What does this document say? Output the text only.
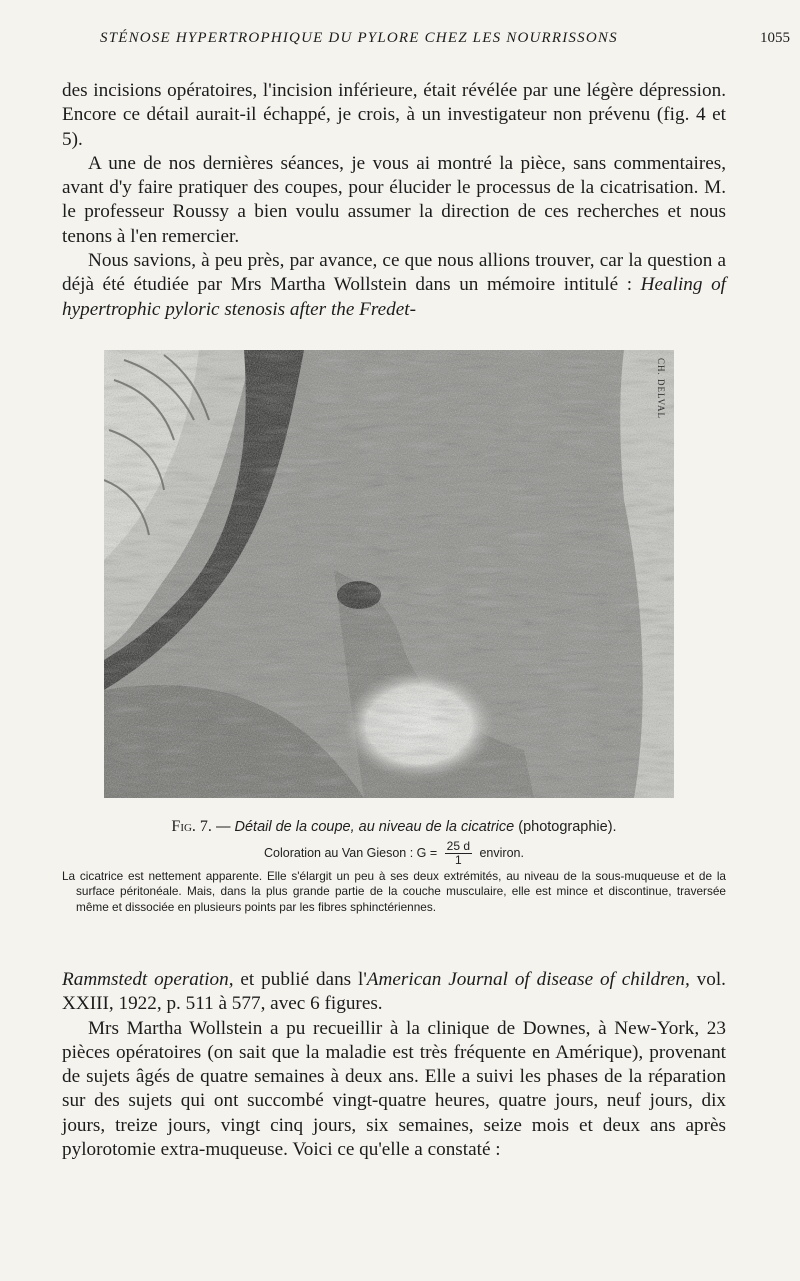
STÉNOSE HYPERTROPHIQUE DU PYLORE CHEZ LES NOURRISSONS	1055

des incisions opératoires, l'incision inférieure, était révélée par une légère dépression. Encore ce détail aurait-il échappé, je crois, à un investigateur non prévenu (fig. 4 et 5).

A une de nos dernières séances, je vous ai montré la pièce, sans commentaires, avant d'y faire pratiquer des coupes, pour élucider le processus de la cicatrisation. M. le professeur Roussy a bien voulu assumer la direction de ces recherches et nous tenons à l'en remercier.

Nous savions, à peu près, par avance, ce que nous allions trouver, car la question a déjà été étudiée par Mrs Martha Wollstein dans un mémoire intitulé : Healing of hypertrophic pyloric stenosis after the Fredet-

CH. DELVAL
Fig. 7. — Détail de la coupe, au niveau de la cicatrice (photographie).
Coloration au Van Gieson : $G = \frac{25 d}{1}$ environ.
La cicatrice est nettement apparente. Elle s'élargit un peu à ses deux extrémités, au niveau de la sous-muqueuse et de la surface péritonéale. Mais, dans la plus grande partie de la couche musculaire, elle est mince et discontinue, traversée même et dissociée en plusieurs points par les fibres sphinctériennes.

Rammstedt operation, et publié dans l'American Journal of disease of children, vol. XXIII, 1922, p. 511 à 577, avec 6 figures.

Mrs Martha Wollstein a pu recueillir à la clinique de Downes, à New-York, 23 pièces opératoires (on sait que la maladie est très fréquente en Amérique), provenant de sujets âgés de quatre semaines à deux ans. Elle a suivi les phases de la réparation sur des sujets qui ont succombé vingt-quatre heures, quatre jours, neuf jours, dix jours, treize jours, vingt cinq jours, six semaines, seize mois et deux ans après pylorotomie extra-muqueuse. Voici ce qu'elle a constaté :
